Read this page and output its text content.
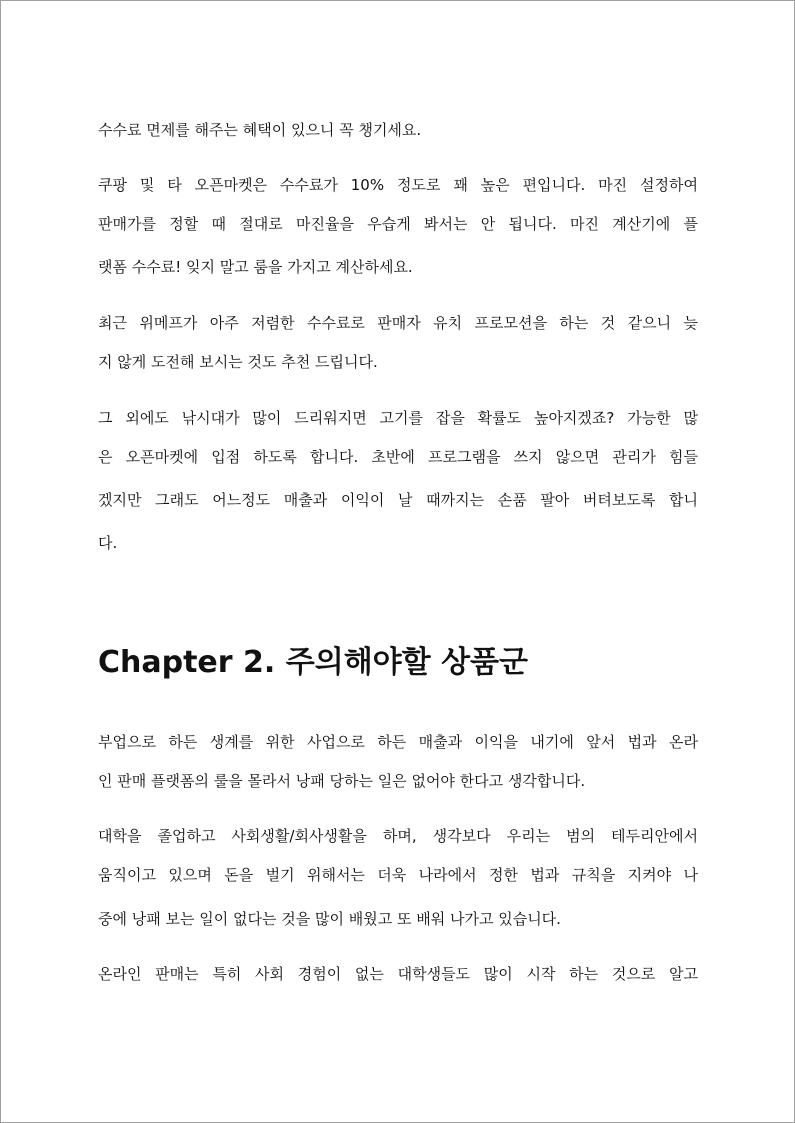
수수료 면제를 해주는 혜택이 있으니 꼭 챙기세요.
쿠팡 및 타 오픈마켓은 수수료가 10% 정도로 꽤 높은 편입니다. 마진 설정하여
판매가를 정할 때 절대로 마진율을 우습게 봐서는 안 됩니다. 마진 계산기에 플
랫폼 수수료! 잊지 말고 룸을 가지고 계산하세요.
최근 위메프가 아주 저렴한 수수료로 판매자 유치 프로모션을 하는 것 같으니 늦
지 않게 도전해 보시는 것도 추천 드립니다.
그 외에도 낚시대가 많이 드리워지면 고기를 잡을 확률도 높아지겠죠? 가능한 많
은 오픈마켓에 입점 하도록 합니다. 초반에 프로그램을 쓰지 않으면 관리가 힘들
겠지만 그래도 어느정도 매출과 이익이 날 때까지는 손품 팔아 버텨보도록 합니
다.
Chapter 2. 주의해야할 상품군
부업으로 하든 생계를 위한 사업으로 하든 매출과 이익을 내기에 앞서 법과 온라
인 판매 플랫폼의 룰을 몰라서 낭패 당하는 일은 없어야 한다고 생각합니다.
대학을 졸업하고 사회생활/회사생활을 하며, 생각보다 우리는 범의 테두리안에서
움직이고 있으며 돈을 벌기 위해서는 더욱 나라에서 정한 법과 규칙을 지켜야 나
중에 낭패 보는 일이 없다는 것을 많이 배웠고 또 배워 나가고 있습니다.
온라인 판매는 특히 사회 경험이 없는 대학생들도 많이 시작 하는 것으로 알고
